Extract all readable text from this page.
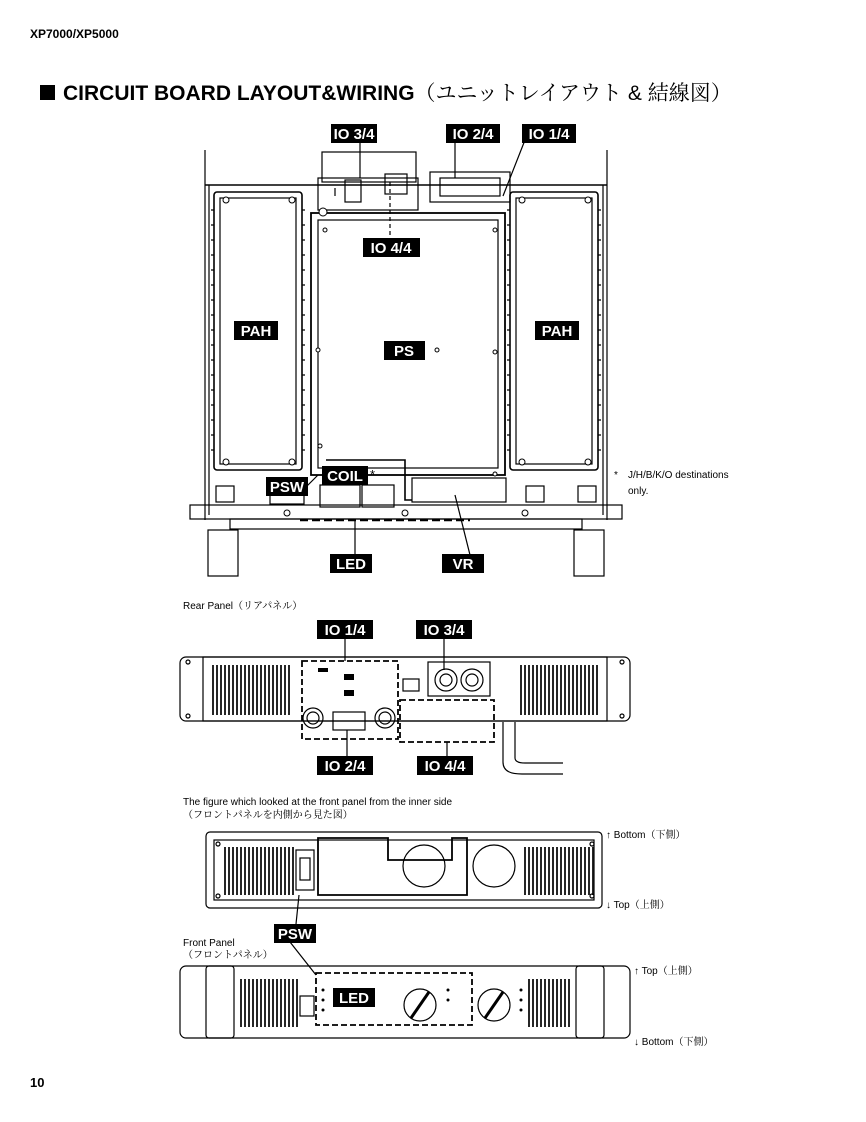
XP7000/XP5000
CIRCUIT BOARD LAYOUT&WIRING（ユニットレイアウト & 結線図）
IO 3/4	IO 2/4 IO 1/4
IO 4/4
PAH	PAH
PS
COIL *
PSW
LED	VR
* J/H/B/K/O destinations
only.
Rear Panel（リアパネル）
IO 1/4	IO 3/4
IO 2/4	IO 4/4
The figure which looked at the front panel from the inner side
（フロントパネルを内側から見た図）
↑ Bottom（下側）
↓ Top（上側）
PSW
Front Panel
（フロントパネル）
LED
↑ Top（上側）
↓ Bottom（下側）
10
